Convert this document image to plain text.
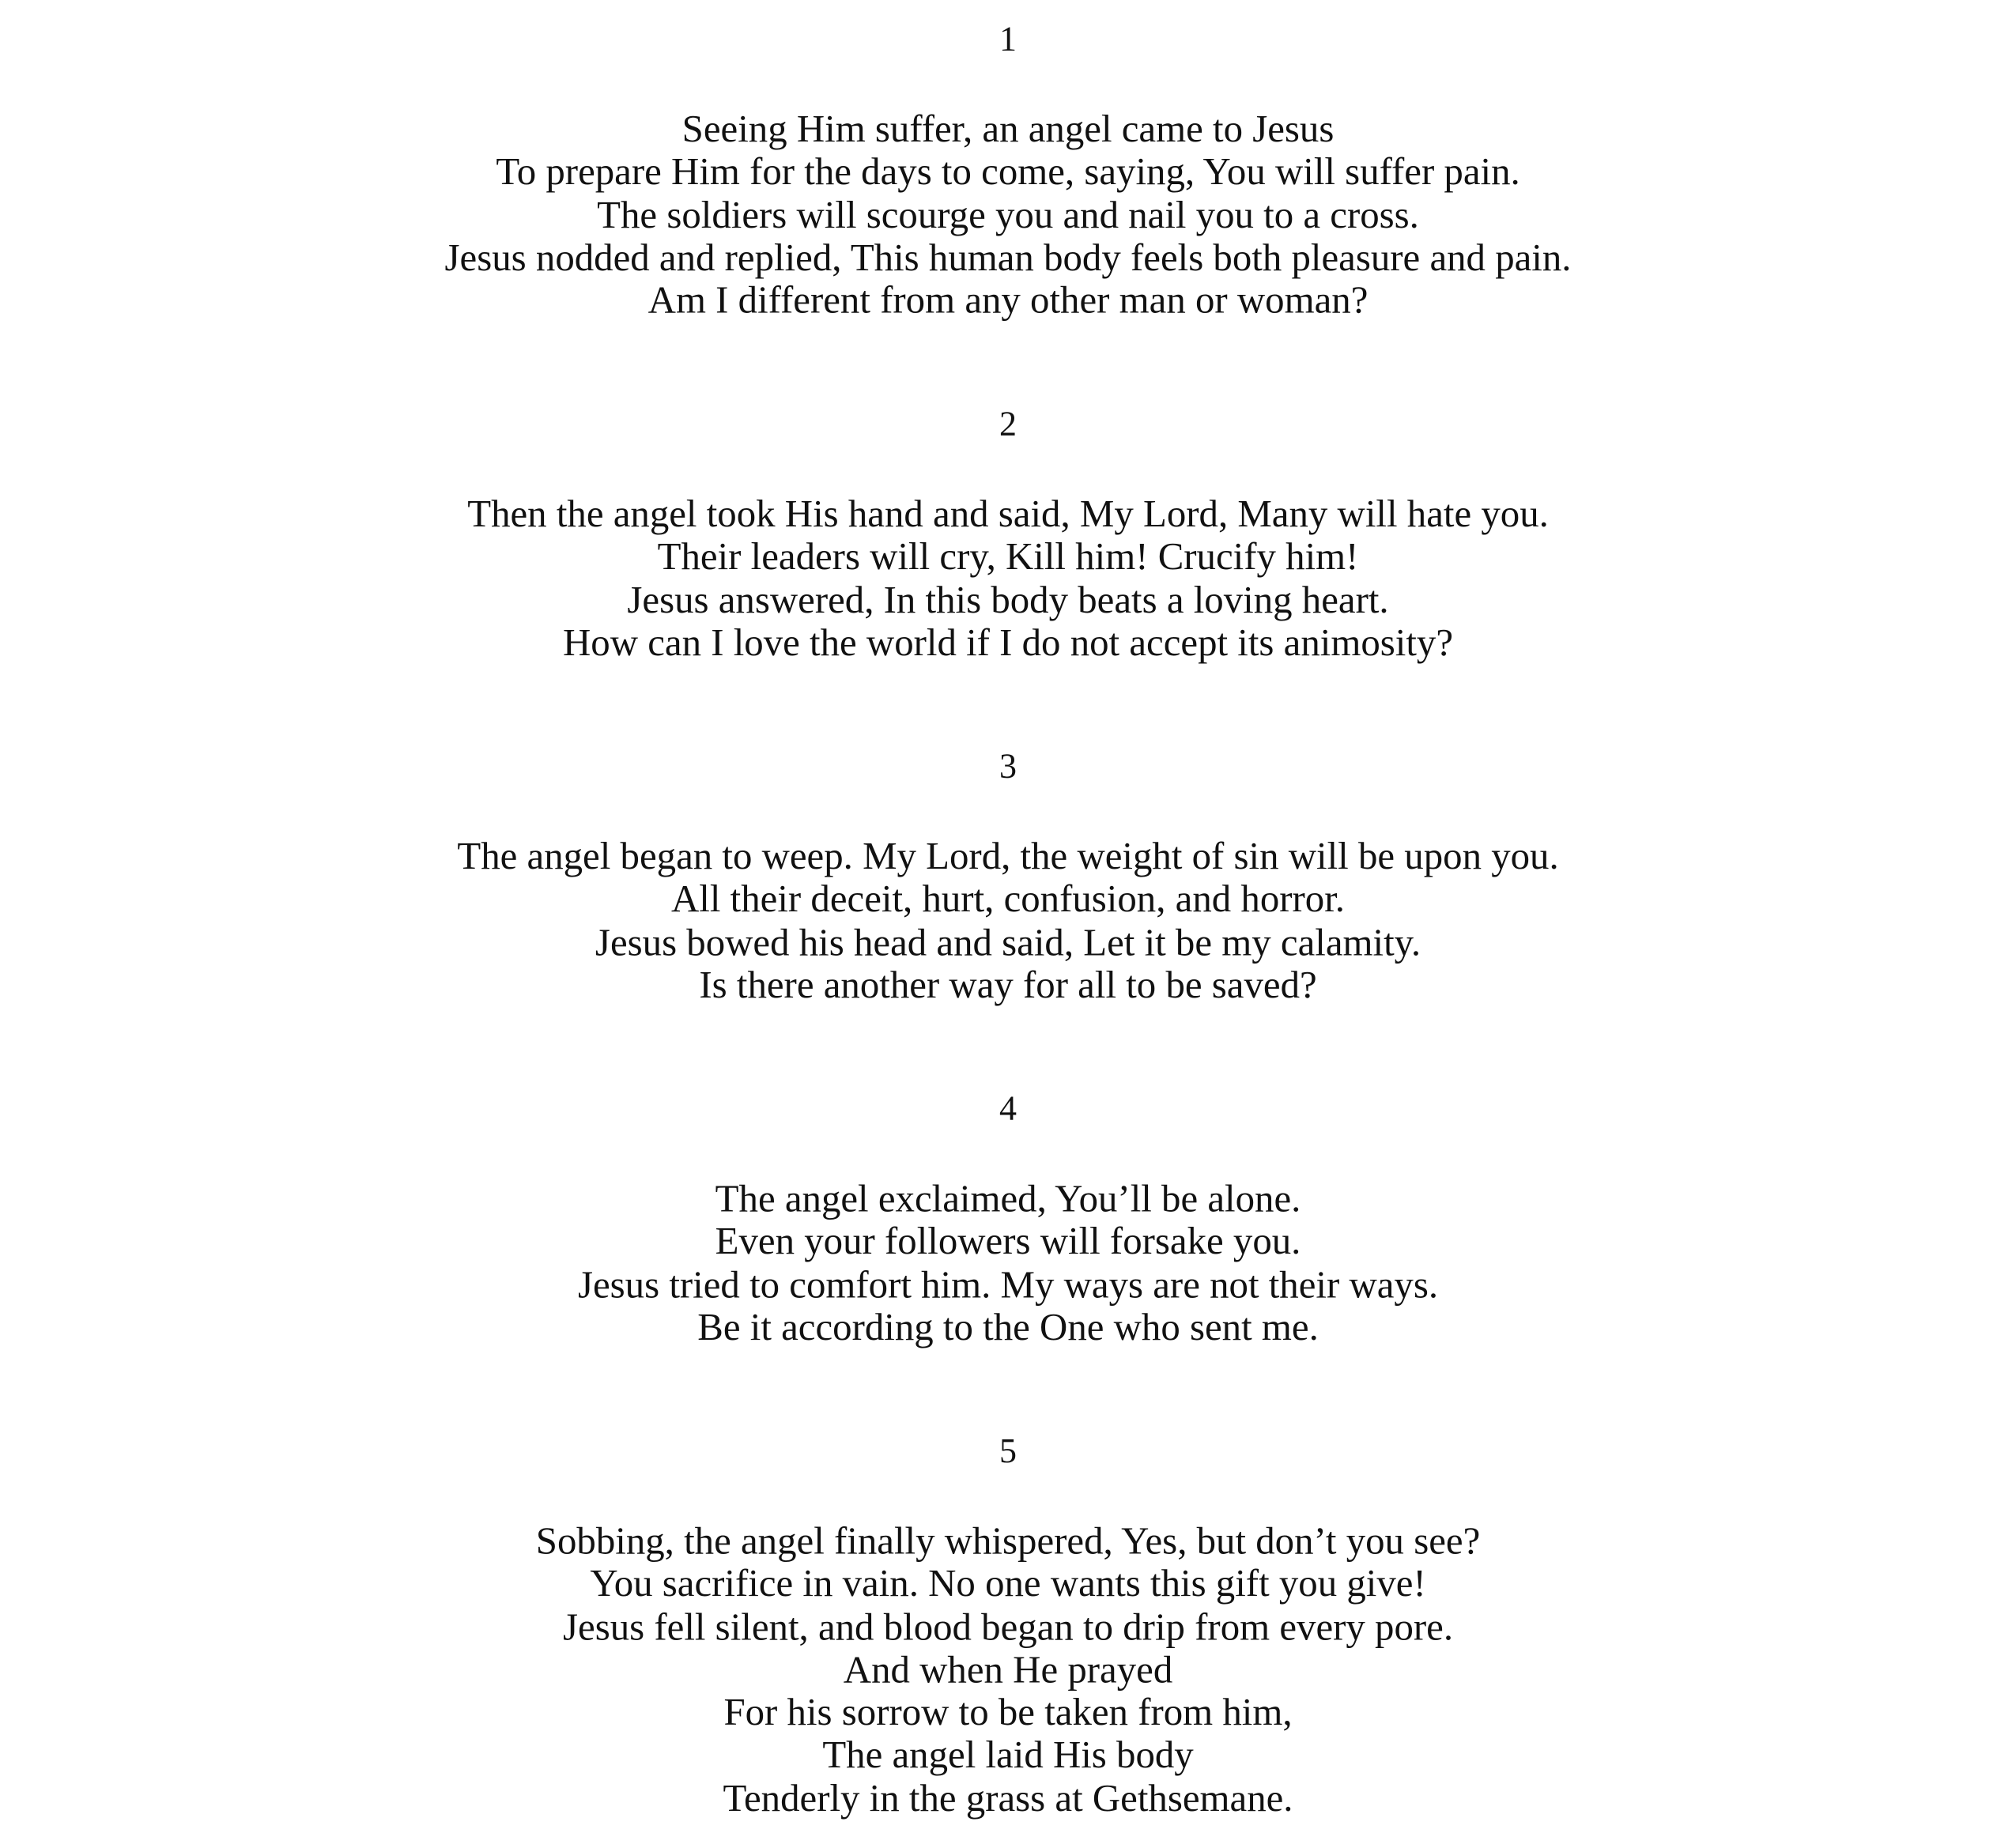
1
Seeing Him suffer, an angel came to Jesus
To prepare Him for the days to come, saying, You will suffer pain.
The soldiers will scourge you and nail you to a cross.
Jesus nodded and replied, This human body feels both pleasure and pain.
Am I different from any other man or woman?
2
Then the angel took His hand and said, My Lord, Many will hate you.
Their leaders will cry, Kill him! Crucify him!
Jesus answered, In this body beats a loving heart.
How can I love the world if I do not accept its animosity?
3
The angel began to weep. My Lord, the weight of sin will be upon you.
All their deceit, hurt, confusion, and horror.
Jesus bowed his head and said, Let it be my calamity.
Is there another way for all to be saved?
4
The angel exclaimed, You’ll be alone.
Even your followers will forsake you.
Jesus tried to comfort him. My ways are not their ways.
Be it according to the One who sent me.
5
Sobbing, the angel finally whispered, Yes, but don’t you see?
You sacrifice in vain. No one wants this gift you give!
Jesus fell silent, and blood began to drip from every pore.
And when He prayed
For his sorrow to be taken from him,
The angel laid His body
Tenderly in the grass at Gethsemane.
